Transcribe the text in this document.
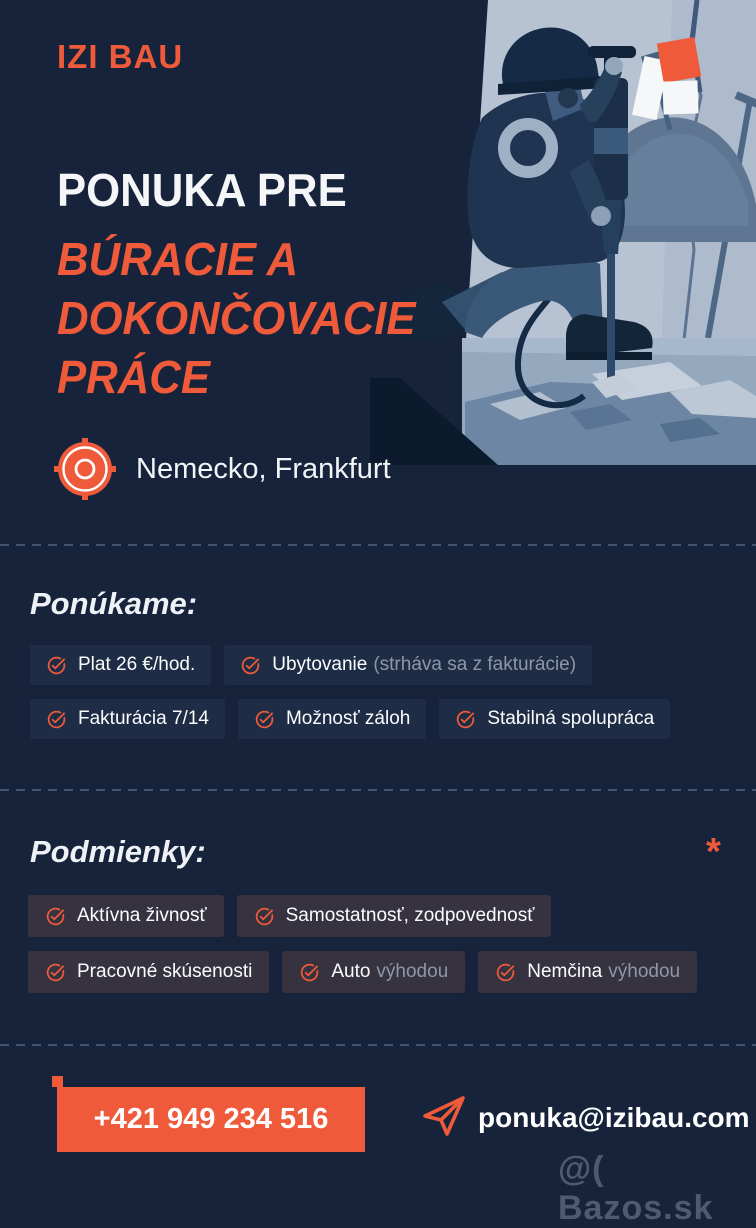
IZI BAU
PONUKA PRE
BÚRACIE A
DOKONČOVACIE
PRÁCE
Nemecko, Frankfurt
Ponúkame:
Plat 26 €/hod.	Ubytovanie (strháva sa z fakturácie)
Fakturácia 7/14	Možnosť záloh	Stabilná spolupráca
Podmienky:	*
Aktívna živnosť	Samostatnosť, zodpovednosť
Pracovné skúsenosti	Auto výhodou	Nemčina výhodou
+421 949 234 516	ponuka@izibau.com
@( Bazos.sk
